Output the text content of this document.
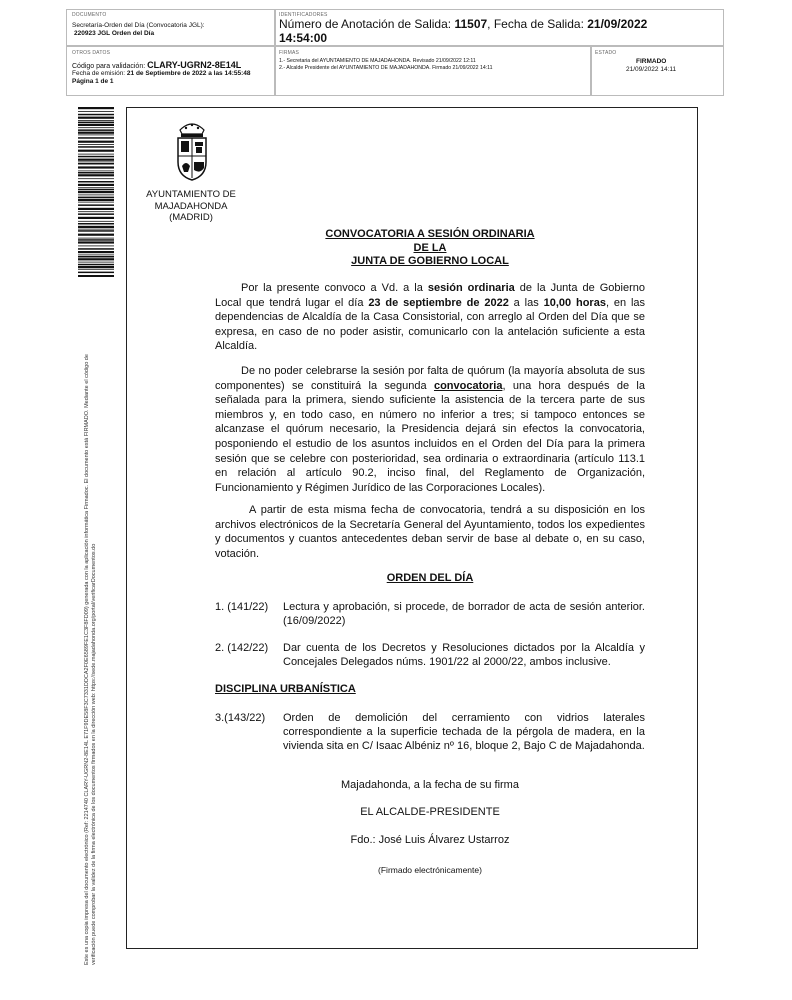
DOCUMENTO
Secretaría-Orden del Día (Convocatoria JGL):
220923 JGL Orden del Día
IDENTIFICADORES
Número de Anotación de Salida: 11507, Fecha de Salida: 21/09/2022
14:54:00
OTROS DATOS
Código para validación: CLARY-UGRN2-8E14L
Fecha de emisión: 21 de Septiembre de 2022 a las 14:55:48
Página 1 de 1
FIRMAS
1.- Secretaria del AYUNTAMIENTO DE MAJADAHONDA. Revisado 21/09/2022 12:11
2.- Alcalde Presidente del AYUNTAMIENTO DE MAJADAHONDA. Firmado 21/09/2022 14:11
ESTADO
FIRMADO
21/09/2022 14:11
Este es una copia impresa del documento electrónico (Ref: 2214740 CLARY-UGRN2-8E14L E71F9DE58F3C7331DDCA2F0E6589FE1C3F8FD09) generada con la aplicación informática Firmadoc. El documento está FIRMADO. Mediante el código de verificación puede comprobar la validez de la firma electrónica de los documentos firmados en la dirección web: https://sede.majadahonda.org/portal/verificarDocumentos.do
AYUNTAMIENTO DE
MAJADAHONDA
(MADRID)
CONVOCATORIA A SESIÓN ORDINARIA
DE LA
JUNTA DE GOBIERNO LOCAL
Por la presente convoco a Vd. a la sesión ordinaria de la Junta de Gobierno Local que tendrá lugar el día 23 de septiembre de 2022 a las 10,00 horas, en las dependencias de Alcaldía de la Casa Consistorial, con arreglo al Orden del Día que se expresa, en caso de no poder asistir, comunicarlo con la antelación suficiente a esta Alcaldía.
De no poder celebrarse la sesión por falta de quórum (la mayoría absoluta de sus componentes) se constituirá la segunda convocatoria, una hora después de la señalada para la primera, siendo suficiente la asistencia de la tercera parte de sus miembros y, en todo caso, en número no inferior a tres; si tampoco entonces se alcanzase el quórum necesario, la Presidencia dejará sin efectos la convocatoria, posponiendo el estudio de los asuntos incluidos en el Orden del Día para la primera sesión que se celebre con posterioridad, sea ordinaria o extraordinaria (artículo 113.1 en relación al artículo 90.2, inciso final, del Reglamento de Organización, Funcionamiento y Régimen Jurídico de las Corporaciones Locales).
A partir de esta misma fecha de convocatoria, tendrá a su disposición en los archivos electrónicos de la Secretaría General del Ayuntamiento, todos los expedientes y documentos y cuantos antecedentes deban servir de base al debate o, en su caso, votación.
ORDEN DEL DÍA
1. (141/22) Lectura y aprobación, si procede, de borrador de acta de sesión anterior. (16/09/2022)
2. (142/22) Dar cuenta de los Decretos y Resoluciones dictados por la Alcaldía y Concejales Delegados núms. 1901/22 al 2000/22, ambos inclusive.
DISCIPLINA URBANÍSTICA
3.(143/22) Orden de demolición del cerramiento con vidrios laterales correspondiente a la superficie techada de la pérgola de madera, en la vivienda sita en C/ Isaac Albéniz nº 16, bloque 2, Bajo C de Majadahonda.
Majadahonda, a la fecha de su firma
EL ALCALDE-PRESIDENTE
Fdo.: José Luis Álvarez Ustarroz
(Firmado electrónicamente)
